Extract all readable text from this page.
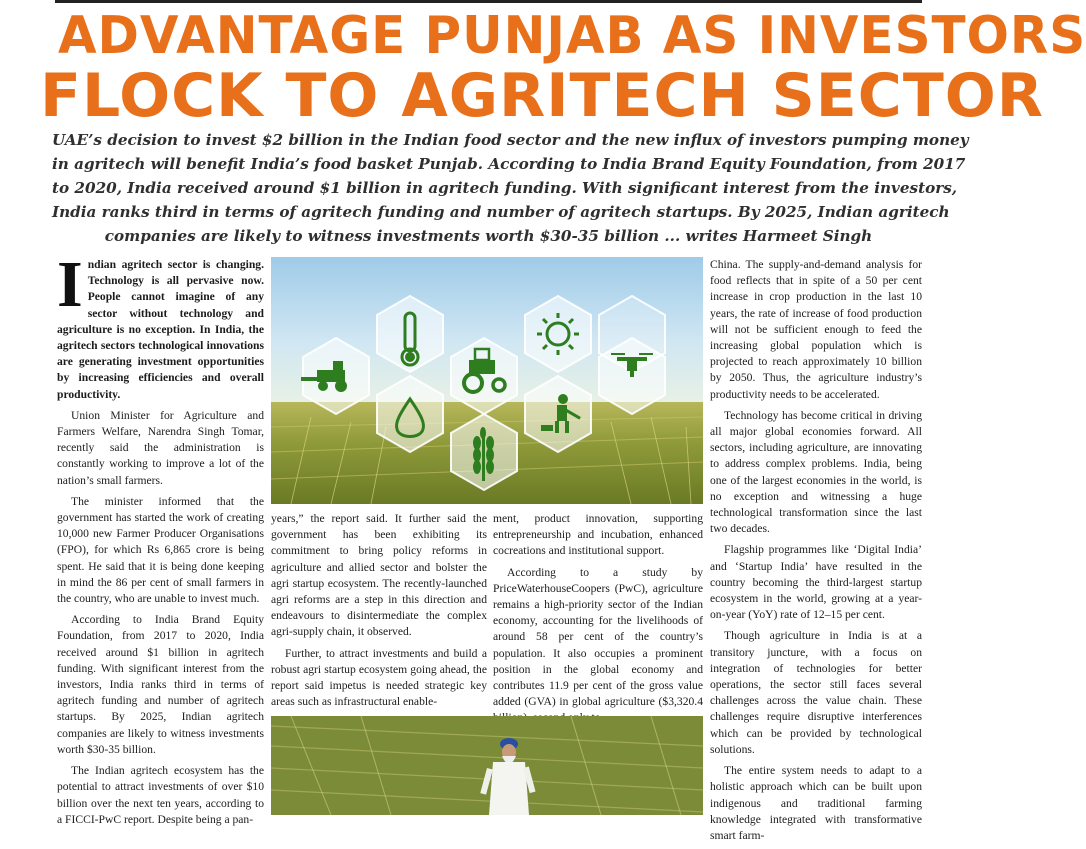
ADVANTAGE PUNJAB AS INVESTORS
FLOCK TO AGRITECH SECTOR
UAE’s decision to invest $2 billion in the Indian food sector and the new influx of investors pumping money
in agritech will benefit India’s food basket Punjab. According to India Brand Equity Foundation, from 2017
to 2020, India received around $1 billion in agritech funding. With significant interest from the investors,
India ranks third in terms of agritech funding and number of agritech startups. By 2025, Indian agritech
companies are likely to witness investments worth $30-35 billion ... writes Harmeet Singh

Indian agritech sector is changing. Technology is all pervasive now. People cannot imagine of any sector without technology and agriculture is no exception. In India, the agritech sectors technological innovations are generating investment opportunities by increasing efficiencies and overall productivity.

Union Minister for Agriculture and Farmers Welfare, Narendra Singh Tomar, recently said the administration is constantly working to improve a lot of the nation’s small farmers.

The minister informed that the government has started the work of creating 10,000 new Farmer Producer Organisations (FPO), for which Rs 6,865 crore is being spent. He said that it is being done keeping in mind the 86 per cent of small farmers in the country, who are unable to invest much.

According to India Brand Equity Foundation, from 2017 to 2020, India received around $1 billion in agritech funding. With significant interest from the investors, India ranks third in terms of agritech funding and number of agritech startups. By 2025, Indian agritech companies are likely to witness investments worth $30-35 billion.

The Indian agritech ecosystem has the potential to attract investments of over $10 billion over the next ten years, according to a FICCI-PwC report. Despite being a pan-

years,” the report said. It further said the government has been exhibiting its commitment to bring policy reforms in agriculture and allied sector and bolster the agri startup ecosystem. The recently-launched agri reforms are a step in this direction and endeavours to disintermediate the complex agri-supply chain, it observed.

Further, to attract investments and build a robust agri startup ecosystem going ahead, the report said impetus is needed strategic key areas such as infrastructural enable-

ment, product innovation, supporting entrepreneurship and incubation, enhanced cocreations and institutional support.

According to a study by PriceWaterhouseCoopers (PwC), agriculture remains a high-priority sector of the Indian economy, accounting for the livelihoods of around 58 per cent of the country’s population. It also occupies a prominent position in the global economy and contributes 11.9 per cent of the gross value added (GVA) in global agriculture ($3,320.4

China. The supply-and-demand analysis for food reflects that in spite of a 50 per cent increase in crop production in the last 10 years, the rate of increase of food production will not be sufficient enough to feed the increasing global population which is projected to reach approximately 10 billion by 2050. Thus, the agriculture industry’s productivity needs to be accelerated.

Technology has become critical in driving all major global economies forward. All sectors, including agriculture, are innovating to address complex problems. India, being one of the largest economies in the world, is no exception and witnessing a huge technological transformation since the last two decades.

Flagship programmes like ‘Digital India’ and ‘Startup India’ have resulted in the country becoming the third-largest startup ecosystem in the world, growing at a year-on-year (YoY) rate of 12–15 per cent.

Though agriculture in India is at a transitory juncture, with a focus on integration of technologies for better operations, the sector still faces several challenges across the value chain. These challenges require disruptive interferences which can be provided by technological solutions.

The entire system needs to adapt to a holistic approach which can be built upon indigenous and traditional farming knowledge integrated with transformative smart farm-
